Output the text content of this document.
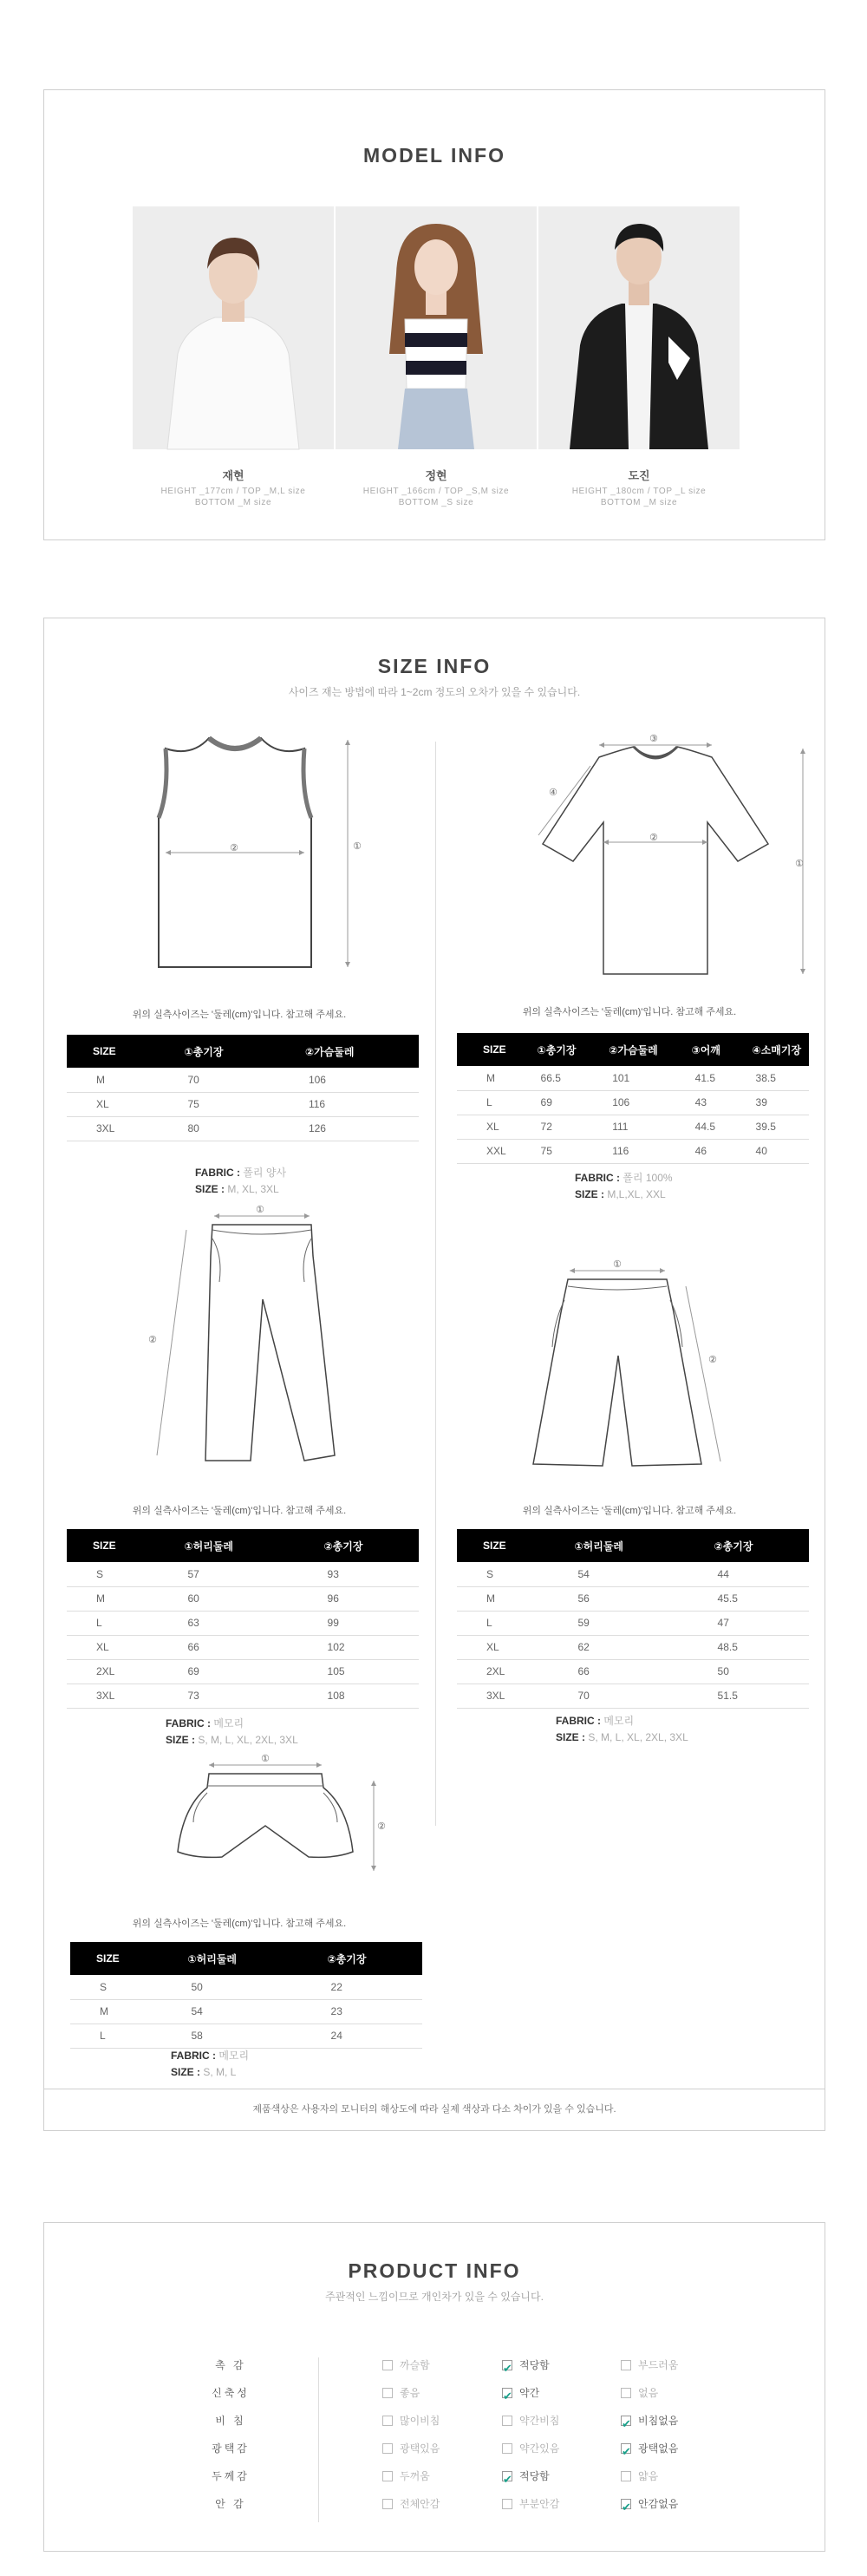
MODEL INFO
재현
HEIGHT _177cm / TOP _M,L size
BOTTOM _M size
정현
HEIGHT _166cm / TOP _S,M size
BOTTOM _S size
도진
HEIGHT _180cm / TOP _L size
BOTTOM _M size
SIZE INFO
사이즈 재는 방법에 따라 1~2cm 정도의 오차가 있을 수 있습니다.
②	①
위의 실측사이즈는 '둘레(cm)'입니다. 참고해 주세요.
SIZE	①총기장	②가슴둘레
M	70	106
XL	75	116
3XL	80	126
FABRIC : 폴리 양사
SIZE : M, XL, 3XL
③
②
④
①
위의 실측사이즈는 '둘레(cm)'입니다. 참고해 주세요.
SIZE	①총기장	②가슴둘레	③어깨	④소매기장
M	66.5	101	41.5	38.5
L	69	106	43	39
XL	72	111	44.5	39.5
XXL	75	116	46	40
FABRIC : 폴리 100%
SIZE : M,L,XL, XXL
①
②
위의 실측사이즈는 '둘레(cm)'입니다. 참고해 주세요.
SIZE	①허리둘레	②총기장
S	57	93
M	60	96
L	63	99
XL	66	102
2XL	69	105
3XL	73	108
FABRIC : 메모리
SIZE : S, M, L, XL, 2XL, 3XL
①
②
위의 실측사이즈는 '둘레(cm)'입니다. 참고해 주세요.
SIZE	①허리둘레	②총기장
S	54	44
M	56	45.5
L	59	47
XL	62	48.5
2XL	66	50
3XL	70	51.5
FABRIC : 메모리
SIZE : S, M, L, XL, 2XL, 3XL
①
②
위의 실측사이즈는 '둘레(cm)'입니다. 참고해 주세요.
SIZE	①허리둘레	②총기장
S	50	22
M	54	23
L	58	24
FABRIC : 메모리
SIZE : S, M, L
제품색상은 사용자의 모니터의 해상도에 따라 실제 색상과 다소 차이가 있을 수 있습니다.
PRODUCT INFO
주관적인 느낌이므로 개인차가 있을 수 있습니다.
촉 감	까슬함 ✔	적당함	부드러움
신축성	좋음 ✔	약간	없음
비 침	많이비침	약간비침 ✔	비침없음
광택감	광택있음	약간있음 ✔	광택없음
두께감	두꺼움 ✔	적당함	얇음
안 감	전체안감	부분안감 ✔	안감없음
